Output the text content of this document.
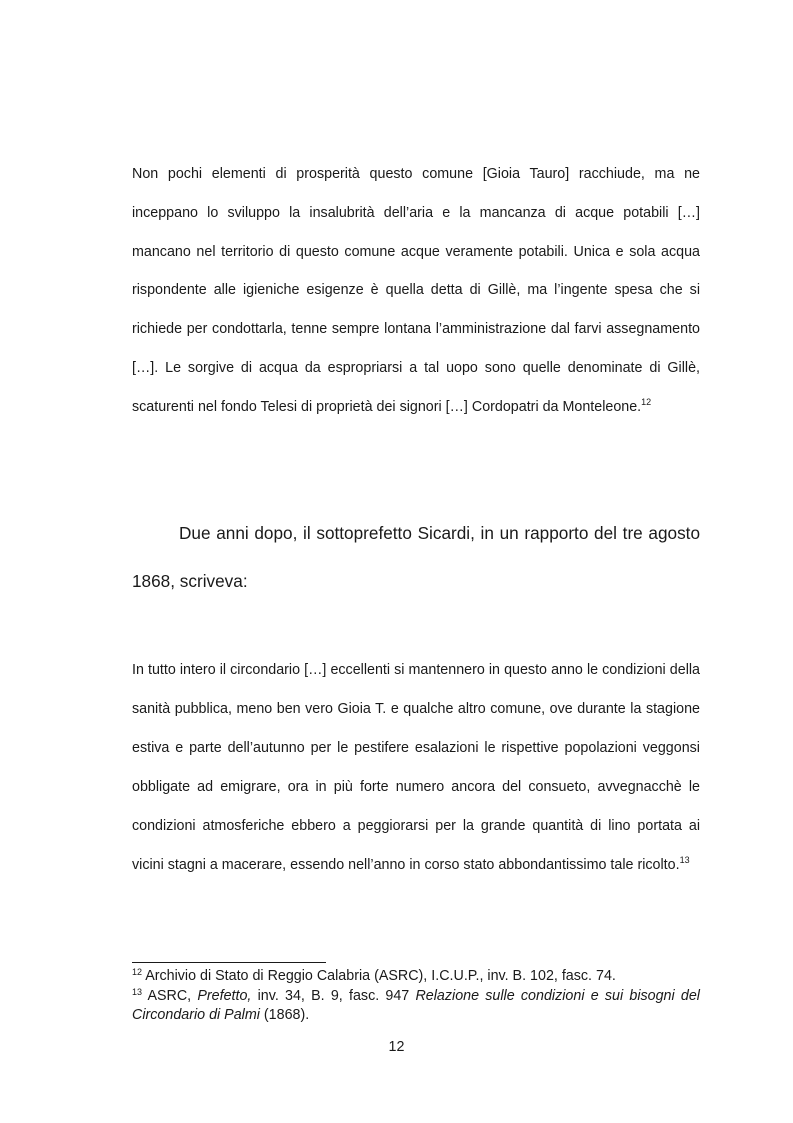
Non pochi elementi di prosperità questo comune [Gioia Tauro] racchiude, ma ne inceppano lo sviluppo la insalubrità dell’aria e la mancanza di acque potabili […] mancano nel territorio di questo comune acque veramente potabili. Unica e sola acqua rispondente alle igieniche esigenze è quella detta di Gillè, ma l’ingente spesa che si richiede per condottarla, tenne sempre lontana l’amministrazione dal farvi assegnamento […]. Le sorgive di acqua da espropriarsi a tal uopo sono quelle denominate di Gillè, scaturenti nel fondo Telesi di proprietà dei signori […] Cordopatri da Monteleone.$^{12}$

Due anni dopo, il sottoprefetto Sicardi, in un rapporto del tre agosto 1868, scriveva:

In tutto intero il circondario […] eccellenti si mantennero in questo anno le condizioni della sanità pubblica, meno ben vero Gioia T. e qualche altro comune, ove durante la stagione estiva e parte dell’autunno per le pestifere esalazioni le rispettive popolazioni veggonsi obbligate ad emigrare, ora in più forte numero ancora del consueto, avvegnacchè le condizioni atmosferiche ebbero a peggiorarsi per la grande quantità di lino portata ai vicini stagni a macerare, essendo nell’anno in corso stato abbondantissimo tale ricolto.$^{13}$

$^{12}$ Archivio di Stato di Reggio Calabria (ASRC), I.C.U.P., inv. B. 102, fasc. 74.

$^{13}$ ASRC, Prefetto, inv. 34, B. 9, fasc. 947 Relazione sulle condizioni e sui bisogni del Circondario di Palmi (1868).

12
